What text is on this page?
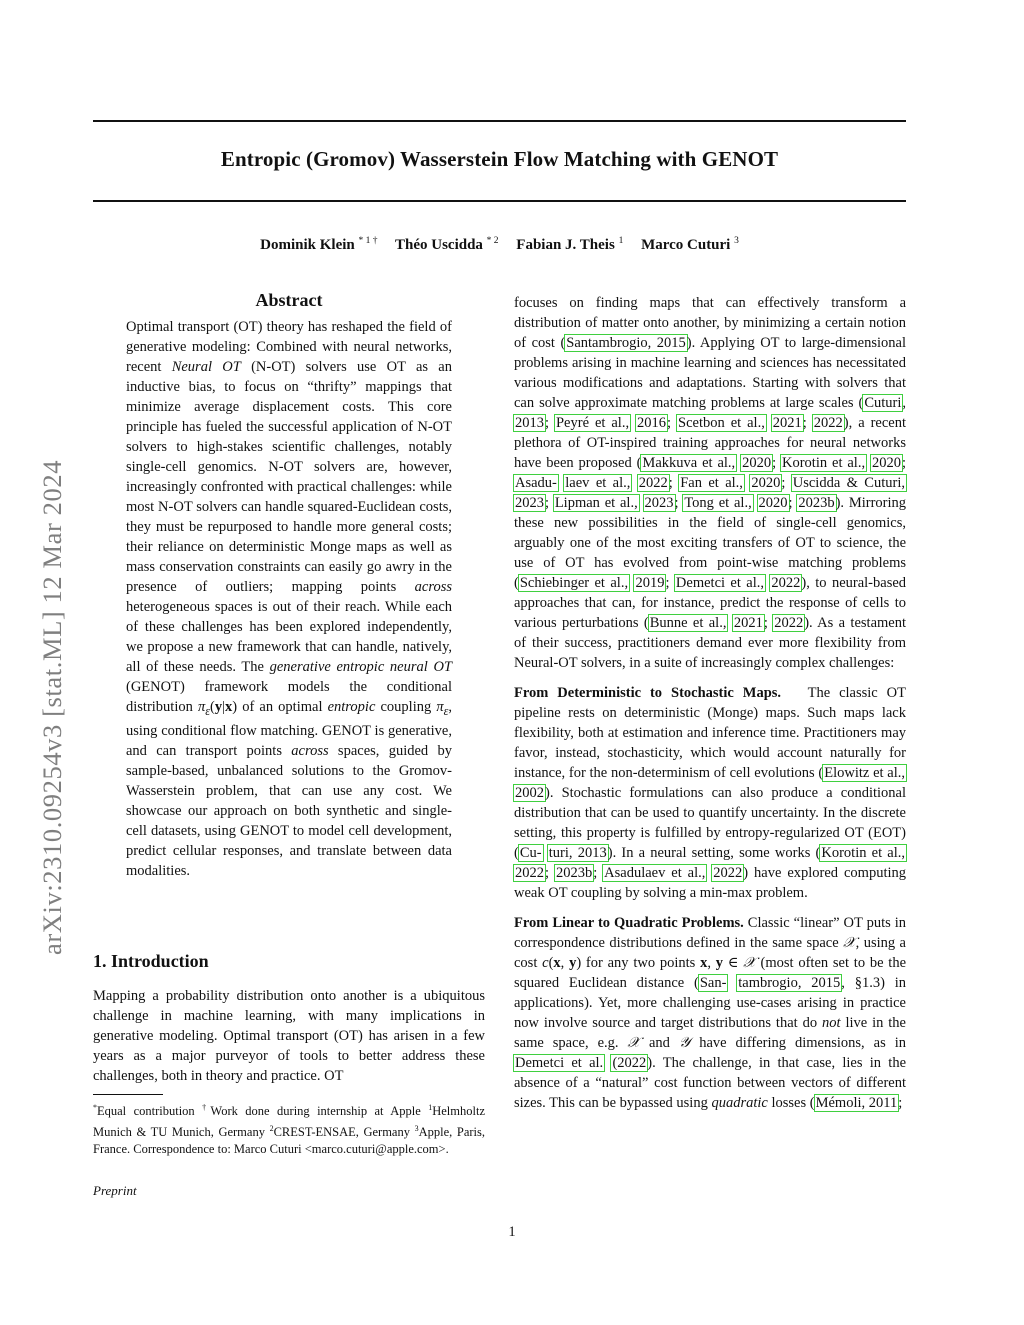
Entropic (Gromov) Wasserstein Flow Matching with GENOT
Dominik Klein $^{* 1 \dagger}$ Théo Uscidda $^{* 2}$ Fabian J. Theis $^1$ Marco Cuturi $^3$
arXiv:2310.09254v3 [stat.ML] 12 Mar 2024
Abstract

Optimal transport (OT) theory has reshaped the field of generative modeling: Combined with neural networks, recent Neural OT (N-OT) solvers use OT as an inductive bias, to focus on “thrifty” mappings that minimize average displacement costs. This core principle has fueled the successful application of N-OT solvers to high-stakes scientific challenges, notably single-cell genomics. N-OT solvers are, however, increasingly confronted with practical challenges: while most N-OT solvers can handle squared-Euclidean costs, they must be repurposed to handle more general costs; their reliance on deterministic Monge maps as well as mass conservation constraints can easily go awry in the presence of outliers; mapping points across heterogeneous spaces is out of their reach. While each of these challenges has been explored independently, we propose a new framework that can handle, natively, all of these needs. The generative entropic neural OT (GENOT) framework models the conditional distribution $\pi_\varepsilon(y|x)$ of an optimal entropic coupling $\pi_\varepsilon$, using conditional flow matching. GENOT is generative, and can transport points across spaces, guided by sample-based, unbalanced solutions to the Gromov-Wasserstein problem, that can use any cost. We showcase our approach on both synthetic and single-cell datasets, using GENOT to model cell development, predict cellular responses, and translate between data modalities.

1. Introduction
Mapping a probability distribution onto another is a ubiquitous challenge in machine learning, with many implications in generative modeling. Optimal transport (OT) has arisen in a few years as a major purveyor of tools to better address these challenges, both in theory and practice. OT
*Equal contribution †Work done during internship at Apple $^1$Helmholtz Munich & TU Munich, Germany $^2$CREST-ENSAE, Germany $^3$Apple, Paris, France. Correspondence to: Marco Cuturi <marco.cuturi@apple.com>.
Preprint

focuses on finding maps that can effectively transform a distribution of matter onto another, by minimizing a certain notion of cost (Santambrogio, 2015). Applying OT to large-dimensional problems arising in machine learning and sciences has necessitated various modifications and adaptations. Starting with solvers that can solve approximate matching problems at large scales (Cuturi, 2013; Peyré et al., 2016; Scetbon et al., 2021; 2022), a recent plethora of OT-inspired training approaches for neural networks have been proposed (Makkuva et al., 2020; Korotin et al., 2020; Asadu- laev et al., 2022; Fan et al., 2020; Uscidda & Cuturi, 2023; Lipman et al., 2023; Tong et al., 2020; 2023b). Mirroring these new possibilities in the field of single-cell genomics, arguably one of the most exciting transfers of OT to science, the use of OT has evolved from point-wise matching problems (Schiebinger et al., 2019; Demetci et al., 2022), to neural-based approaches that can, for instance, predict the response of cells to various perturbations (Bunne et al., 2021; 2022). As a testament of their success, practitioners demand ever more flexibility from Neural-OT solvers, in a suite of increasingly complex challenges:

From Deterministic to Stochastic Maps.   The classic OT pipeline rests on deterministic (Monge) maps. Such maps lack flexibility, both at estimation and inference time. Practitioners may favor, instead, stochasticity, which would account naturally for instance, for the non-determinism of cell evolutions (Elowitz et al., 2002). Stochastic formulations can also produce a conditional distribution that can be used to quantify uncertainty. In the discrete setting, this property is fulfilled by entropy-regularized OT (EOT) (Cu- turi, 2013). In a neural setting, some works (Korotin et al., 2022; 2023b; Asadulaev et al., 2022) have explored computing weak OT coupling by solving a min-max problem.

From Linear to Quadratic Problems. Classic “linear” OT puts in correspondence distributions defined in the same space 𝒳, using a cost c(x, y) for any two points x, y ∈ 𝒳 (most often set to be the squared Euclidean distance (San- tambrogio, 2015, §1.3) in applications). Yet, more challenging use-cases arising in practice now involve source and target distributions that do not live in the same space, e.g. 𝒳 and 𝒴 have differing dimensions, as in Demetci et al. (2022). The challenge, in that case, lies in the absence of a “natural” cost function between vectors of different sizes. This can be bypassed using quadratic losses (Mémoli, 2011;

1
